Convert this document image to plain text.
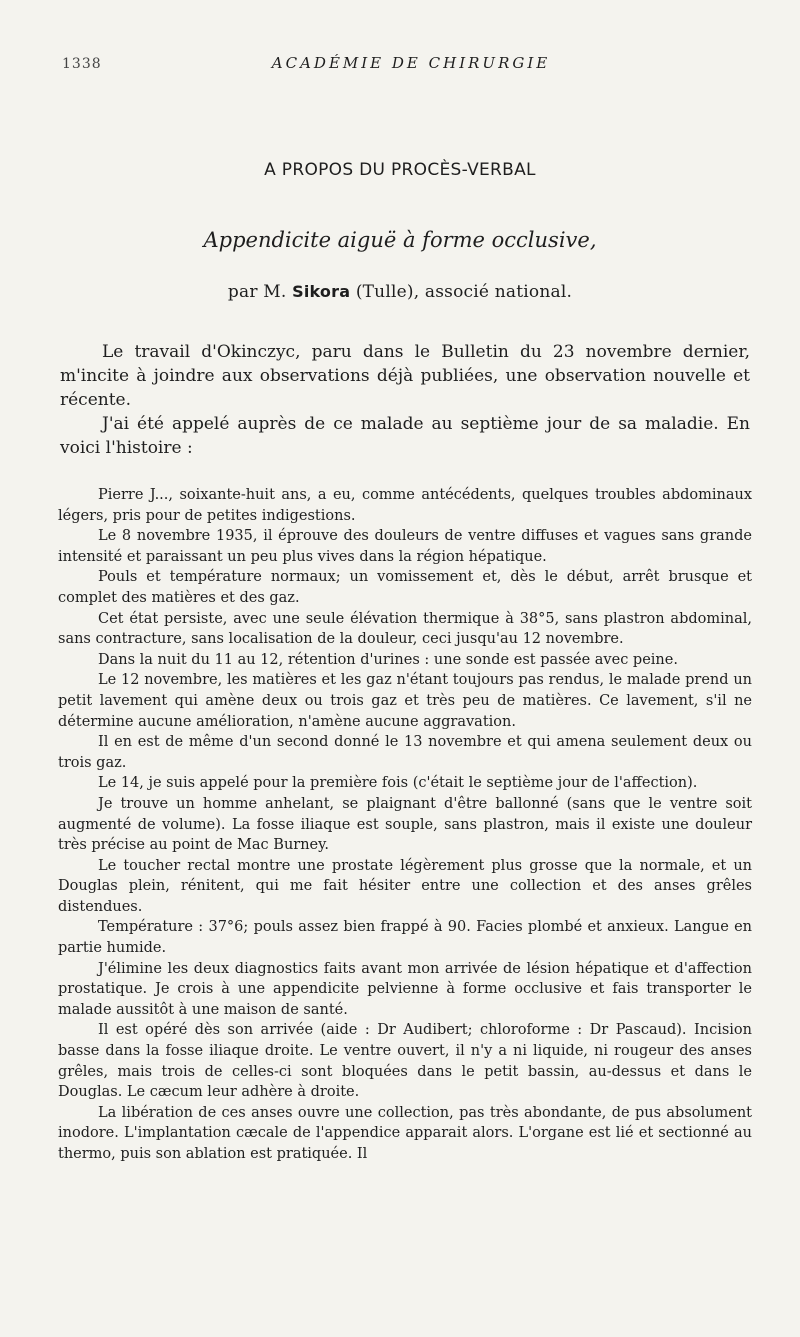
1338	ACADÉMIE DE CHIRURGIE
A PROPOS DU PROCÈS-VERBAL
Appendicite aiguë à forme occlusive,
par M. Sikora (Tulle), associé national.

Le travail d'Okinczyc, paru dans le Bulletin du 23 novembre dernier, m'incite à joindre aux observations déjà publiées, une observation nouvelle et récente.

J'ai été appelé auprès de ce malade au septième jour de sa maladie. En voici l'histoire :

Pierre J..., soixante-huit ans, a eu, comme antécédents, quelques troubles abdominaux légers, pris pour de petites indigestions.

Le 8 novembre 1935, il éprouve des douleurs de ventre diffuses et vagues sans grande intensité et paraissant un peu plus vives dans la région hépatique.

Pouls et température normaux; un vomissement et, dès le début, arrêt brusque et complet des matières et des gaz.

Cet état persiste, avec une seule élévation thermique à 38°5, sans plastron abdominal, sans contracture, sans localisation de la douleur, ceci jusqu'au 12 novembre.

Dans la nuit du 11 au 12, rétention d'urines : une sonde est passée avec peine.

Le 12 novembre, les matières et les gaz n'étant toujours pas rendus, le malade prend un petit lavement qui amène deux ou trois gaz et très peu de matières. Ce lavement, s'il ne détermine aucune amélioration, n'amène aucune aggravation.

Il en est de même d'un second donné le 13 novembre et qui amena seulement deux ou trois gaz.

Le 14, je suis appelé pour la première fois (c'était le septième jour de l'affection).

Je trouve un homme anhelant, se plaignant d'être ballonné (sans que le ventre soit augmenté de volume). La fosse iliaque est souple, sans plastron, mais il existe une douleur très précise au point de Mac Burney.

Le toucher rectal montre une prostate légèrement plus grosse que la normale, et un Douglas plein, rénitent, qui me fait hésiter entre une collection et des anses grêles distendues.

Température : 37°6; pouls assez bien frappé à 90. Facies plombé et anxieux. Langue en partie humide.

J'élimine les deux diagnostics faits avant mon arrivée de lésion hépatique et d'affection prostatique. Je crois à une appendicite pelvienne à forme occlusive et fais transporter le malade aussitôt à une maison de santé.

Il est opéré dès son arrivée (aide : Dr Audibert; chloroforme : Dr Pascaud). Incision basse dans la fosse iliaque droite. Le ventre ouvert, il n'y a ni liquide, ni rougeur des anses grêles, mais trois de celles-ci sont bloquées dans le petit bassin, au-dessus et dans le Douglas. Le cæcum leur adhère à droite.

La libération de ces anses ouvre une collection, pas très abondante, de pus absolument inodore. L'implantation cæcale de l'appendice apparait alors. L'organe est lié et sectionné au thermo, puis son ablation est pratiquée. Il
